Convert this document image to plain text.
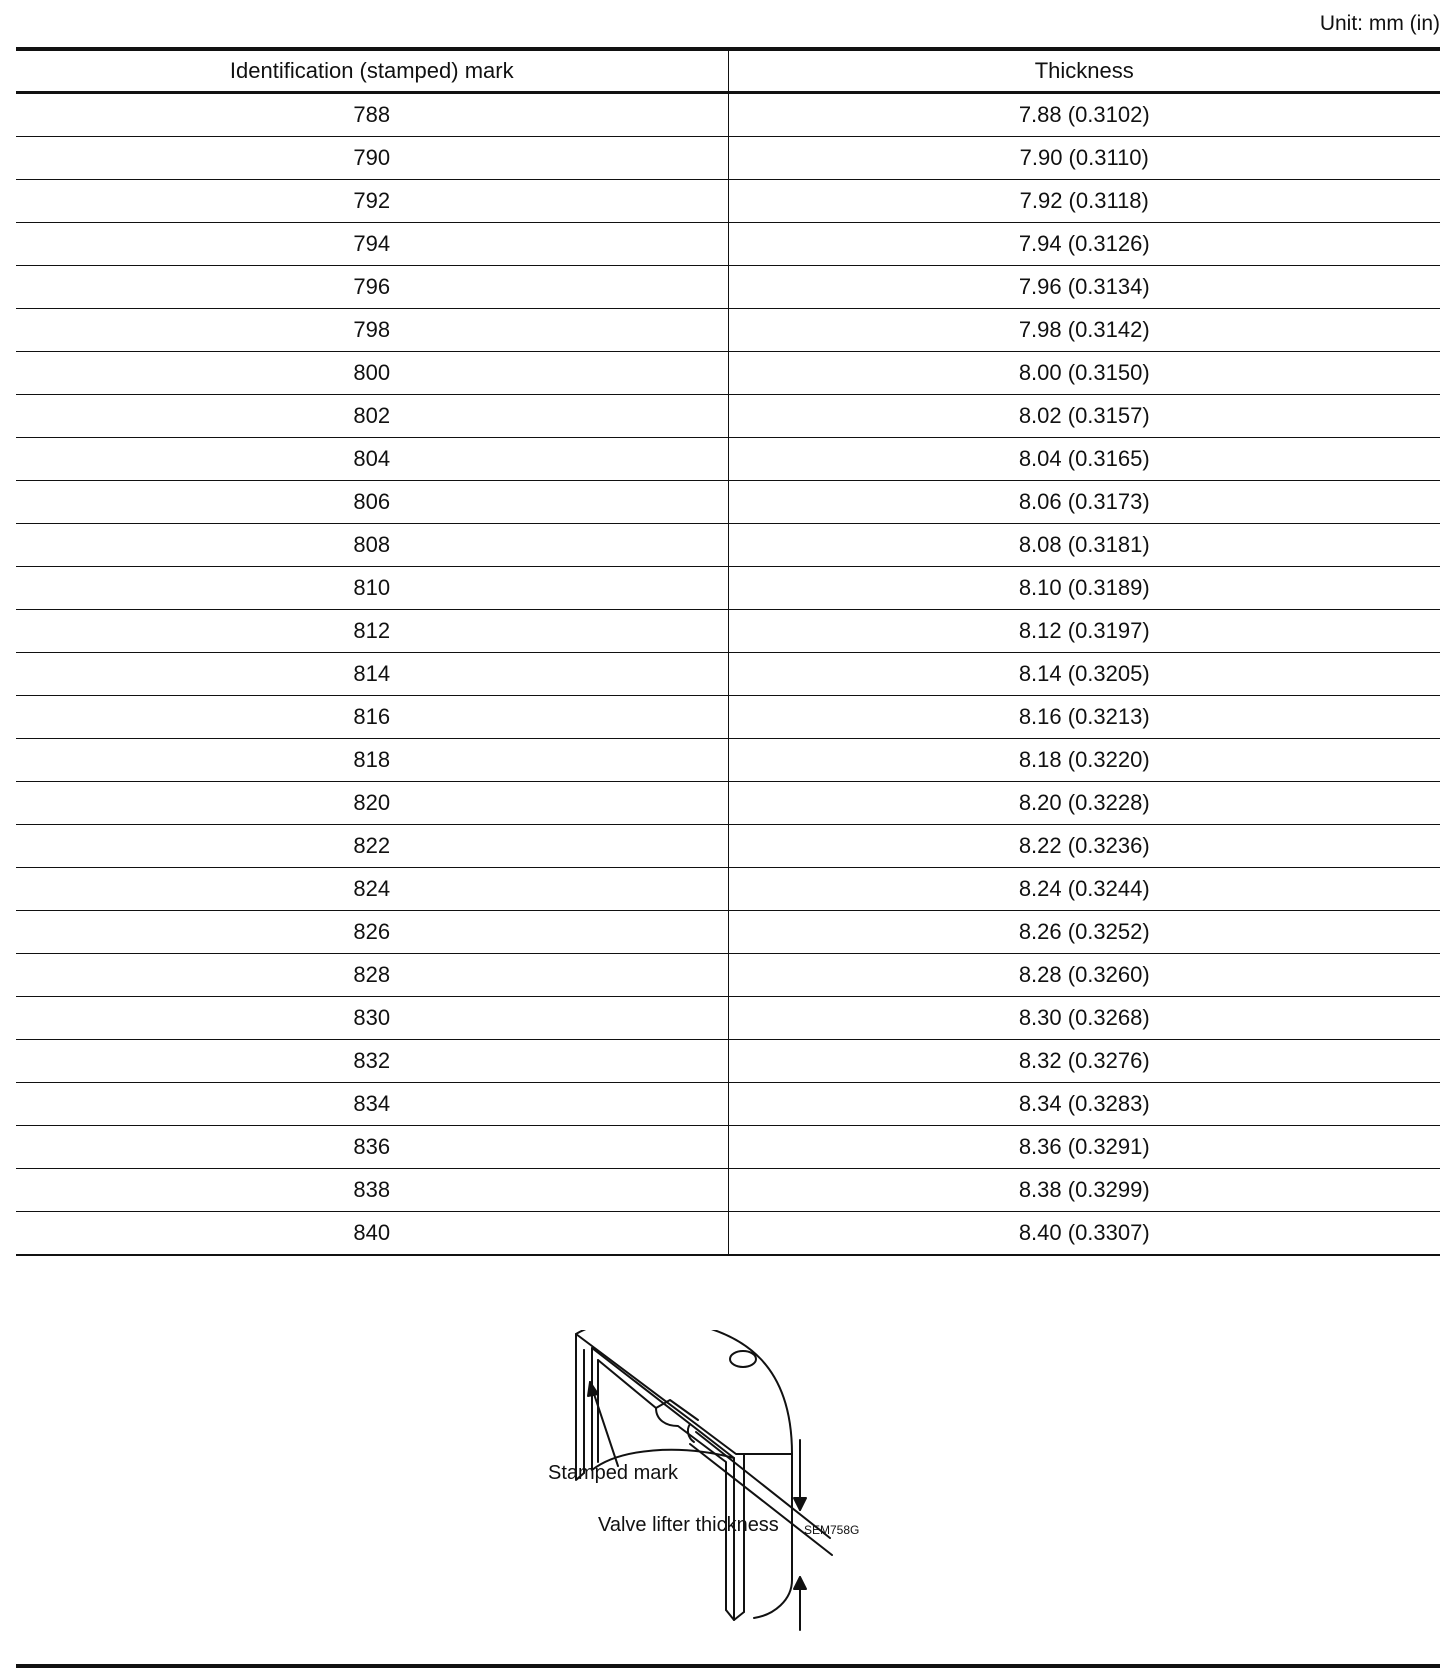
Unit: mm (in)
Identification (stamped) mark	Thickness
788	7.88 (0.3102)
790	7.90 (0.3110)
792	7.92 (0.3118)
794	7.94 (0.3126)
796	7.96 (0.3134)
798	7.98 (0.3142)
800	8.00 (0.3150)
802	8.02 (0.3157)
804	8.04 (0.3165)
806	8.06 (0.3173)
808	8.08 (0.3181)
810	8.10 (0.3189)
812	8.12 (0.3197)
814	8.14 (0.3205)
816	8.16 (0.3213)
818	8.18 (0.3220)
820	8.20 (0.3228)
822	8.22 (0.3236)
824	8.24 (0.3244)
826	8.26 (0.3252)
828	8.28 (0.3260)
830	8.30 (0.3268)
832	8.32 (0.3276)
834	8.34 (0.3283)
836	8.36 (0.3291)
838	8.38 (0.3299)
840	8.40 (0.3307)
Stamped mark
Valve lifter thickness SEM758G
